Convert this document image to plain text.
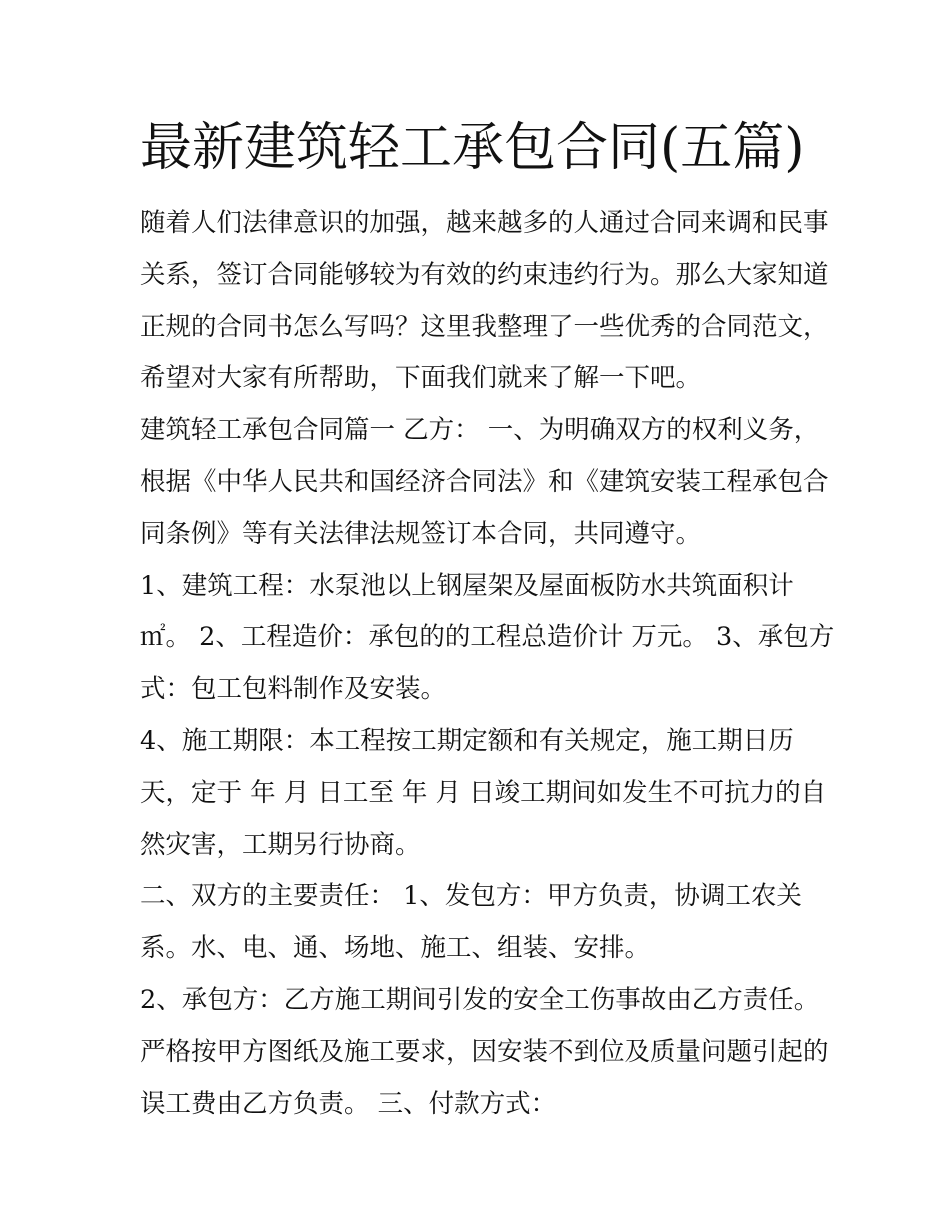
最新建筑轻工承包合同(五篇)
随着人们法律意识的加强，越来越多的人通过合同来调和民事
关系，签订合同能够较为有效的约束违约行为。那么大家知道
正规的合同书怎么写吗？这里我整理了一些优秀的合同范文，
希望对大家有所帮助，下面我们就来了解一下吧。
建筑轻工承包合同篇一 乙方： 一、为明确双方的权利义务，
根据《中华人民共和国经济合同法》和《建筑安装工程承包合
同条例》等有关法律法规签订本合同，共同遵守。
1、建筑工程：水泵池以上钢屋架及屋面板防水共筑面积计
㎡。 2、工程造价：承包的的工程总造价计 万元。 3、承包方
式：包工包料制作及安装。
4、施工期限：本工程按工期定额和有关规定，施工期日历
天，定于 年 月 日工至 年 月 日竣工期间如发生不可抗力的自
然灾害，工期另行协商。
二、双方的主要责任： 1、发包方：甲方负责，协调工农关
系。水、电、通、场地、施工、组装、安排。
2、承包方：乙方施工期间引发的安全工伤事故由乙方责任。
严格按甲方图纸及施工要求，因安装不到位及质量问题引起的
误工费由乙方负责。 三、付款方式：
